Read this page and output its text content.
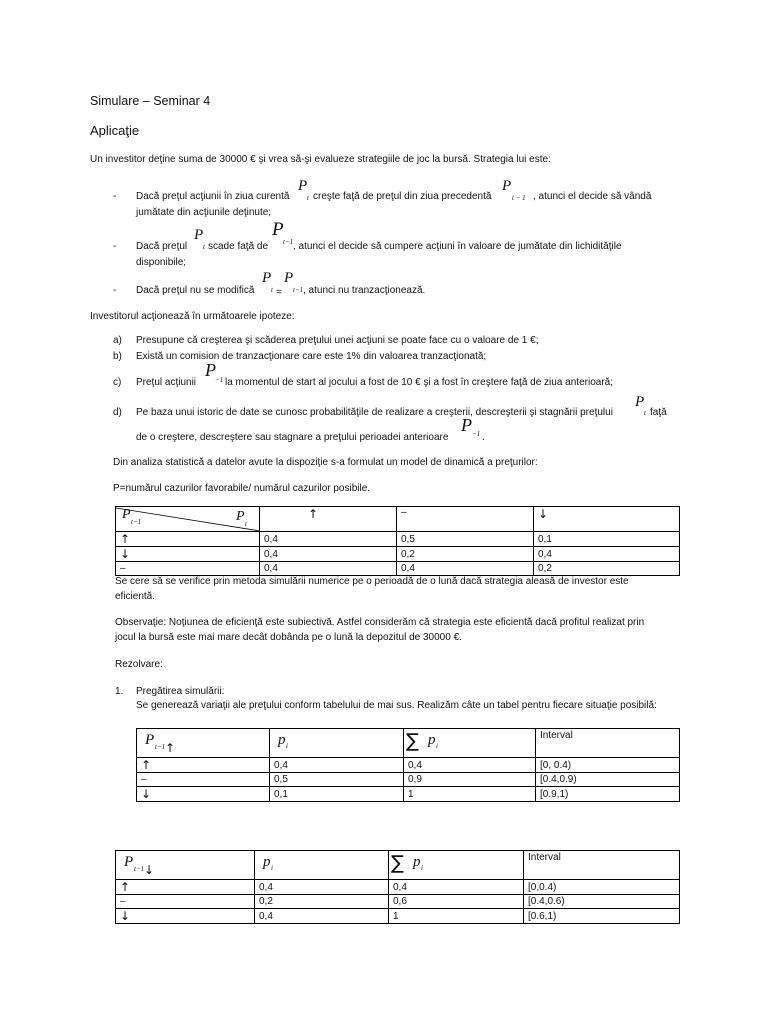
Simulare – Seminar 4
Aplicaţie
Un investitor deţine suma de 30000 € şi vrea să-şi evalueze strategiile de joc la bursă. Strategia lui este:
- Dacă preţul acţiunii în ziua curentă
P
t creşte faţă de preţul din ziua precedentă
P
t − 1 , atunci el decide să vândă
jumătate din acţiunile deţinute;
- Dacă preţul
P
t scade faţă de
P
t−1 , atunci el decide să cumpere acţiuni în valoare de jumătate din lichidităţile
disponibile;
- Dacă preţul nu se modifică
P
t =
P
t−1 , atunci nu tranzacţionează.
Investitorul acţionează în următoarele ipoteze:
a) Presupune că creşterea şi scăderea preţului unei acţiuni se poate face cu o valoare de 1 €;
b) Există un comision de tranzacţionare care este 1% din valoarea tranzacţionată;
c) Preţul acţiunii
P −1 la momentul de start al jocului a fost de 10 € şi a fost în creştere faţă de ziua anterioară;
d) Pe baza unui istoric de date se cunosc probabilităţile de realizare a creşterii, descreşterii şi stagnării preţului
P
t faţă
de o creştere, descreştere sau stagnare a preţului perioadei anterioare
P −1 .
Din analiza statistică a datelor avute la dispoziţie s-a formulat un model de dinamică a preţurilor:
P=numărul cazurilor favorabile/ numărul cazurilor posibile.
P t−1 P t	↑	–	↓
↑	0,4	0,5	0,1
↓	0,4	0,2	0,4
–	0,4	0,4	0,2
Se cere să se verifice prin metoda simulării numerice pe o perioadă de o lună dacă strategia aleasă de investor este
eficientă.
Observaţie: Noţiunea de eficienţă este subiectivă. Astfel considerăm că strategia este eficientă dacă profitul realizat prin
jocul la bursă este mai mare decât dobânda pe o lună la depozitul de 30000 €.
Rezolvare:
1. Pregătirea simulării:
Se generează variaţii ale preţului conform tabelului de mai sus. Realizăm câte un tabel pentru fiecare situaţie posibilă:
P t−1 ↑	p i	∑ p i	Interval
↑	0,4	0,4	[0, 0.4)
–	0,5	0,9	[0.4,0.9)
↓	0,1	1	[0.9,1)
P t−1 ↓	p i	∑ p i	Interval
↑	0,4	0,4	[0,0.4)
–	0,2	0,6	[0.4,0.6)
↓	0,4	1	[0.6,1)
